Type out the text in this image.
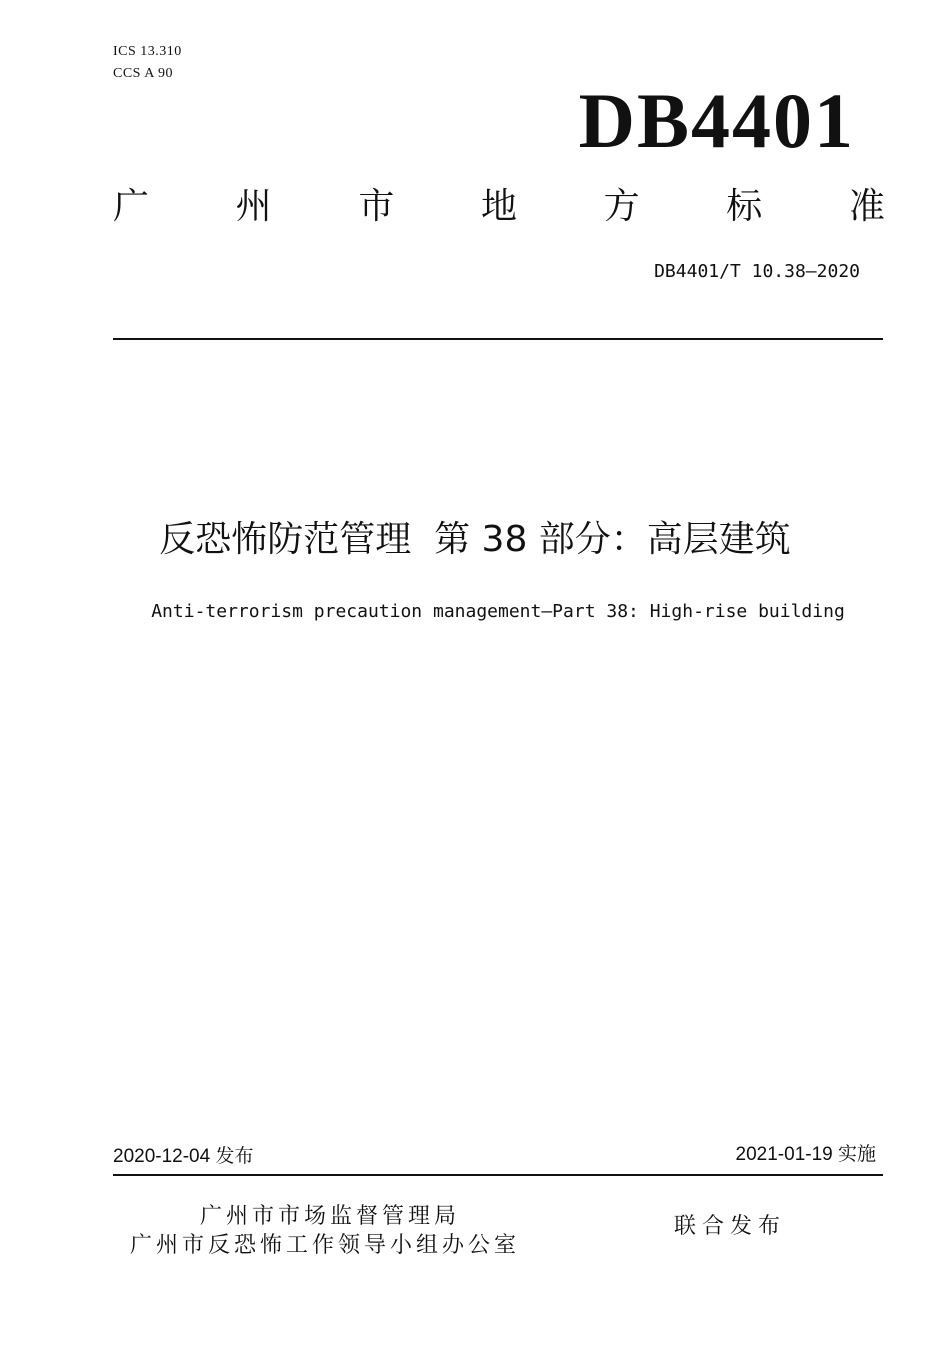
ICS 13.310
CCS A 90
DB4401
广 州 市 地 方 标 准
DB4401/T 10.38—2020
反恐怖防范管理  第 38 部分：高层建筑
Anti-terrorism precaution management—Part 38: High-rise building
2020-12-04 发布	2021-01-19 实施
广州市市场监督管理局
广州市反恐怖工作领导小组办公室
联合发布
